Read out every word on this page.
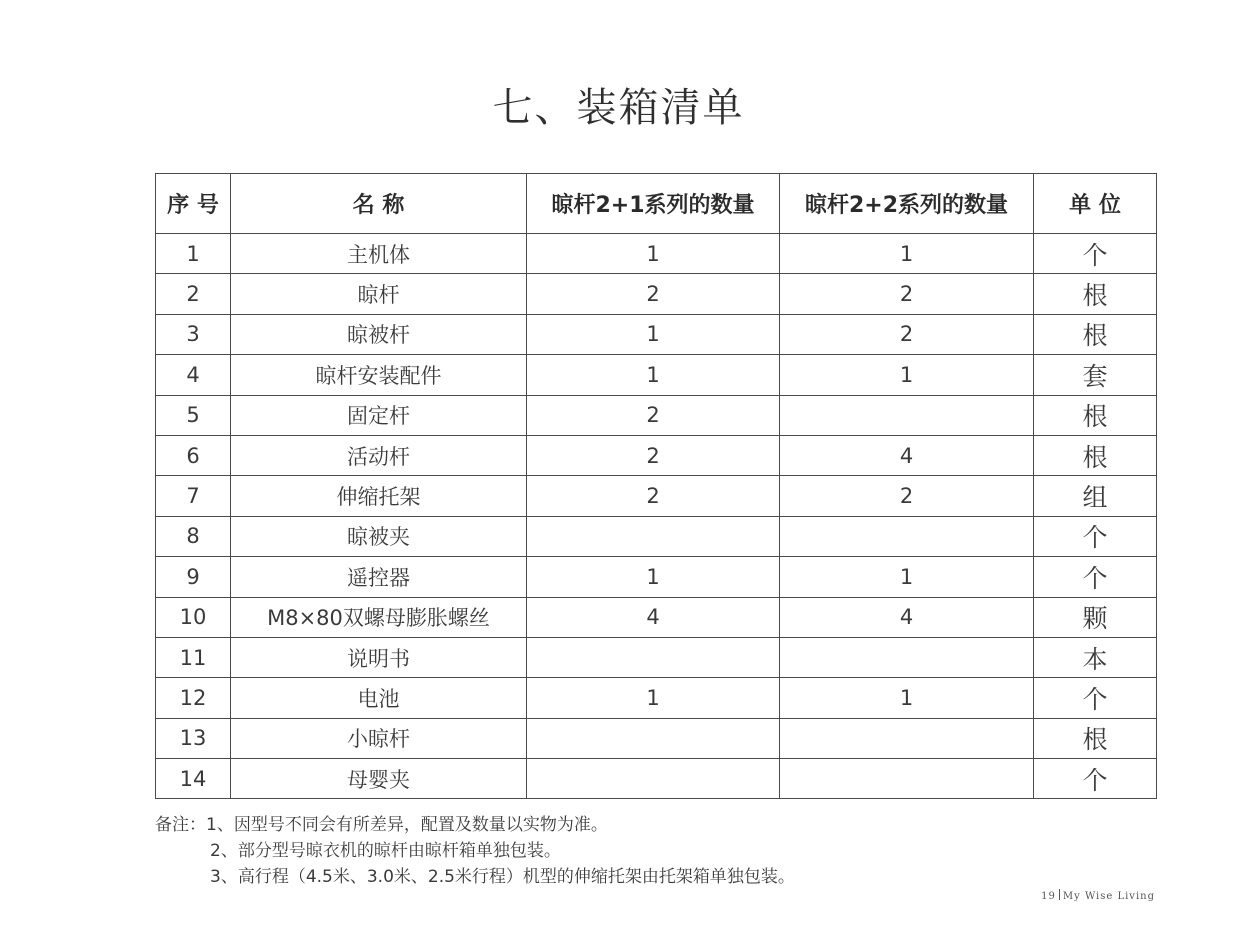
七、装箱清单
序 号	名 称	晾杆2+1系列的数量	晾杆2+2系列的数量	单 位
1	主机体	1	1	个
2	晾杆	2	2	根
3	晾被杆	1	2	根
4	晾杆安装配件	1	1	套
5	固定杆	2		根
6	活动杆	2	4	根
7	伸缩托架	2	2	组
8	晾被夹			个
9	遥控器	1	1	个
10	M8×80双螺母膨胀螺丝	4	4	颗
11	说明书			本
12	电池	1	1	个
13	小晾杆			根
14	母婴夹			个
备注：1、因型号不同会有所差异，配置及数量以实物为准。
2、部分型号晾衣机的晾杆由晾杆箱单独包装。
3、高行程（4.5米、3.0米、2.5米行程）机型的伸缩托架由托架箱单独包装。
19 My Wise Living
